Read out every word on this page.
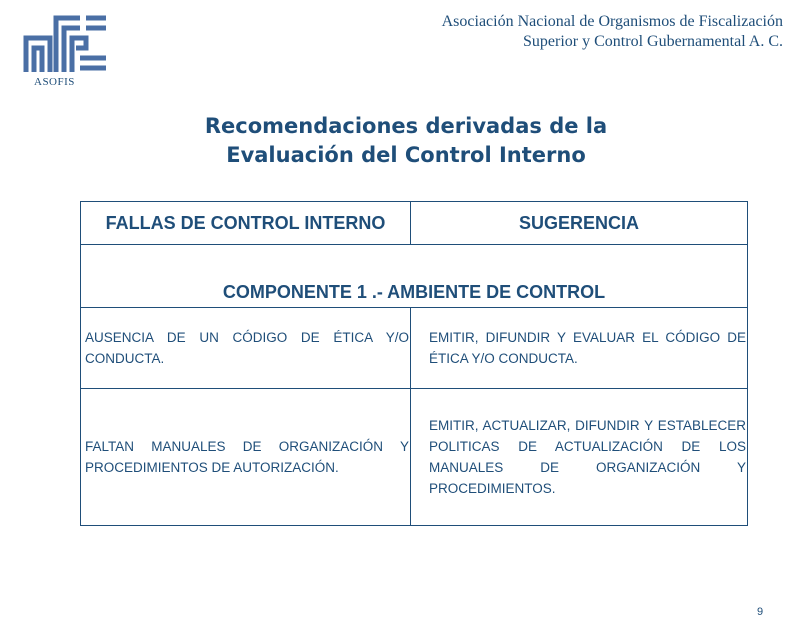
ASOFIS
Asociación Nacional de Organismos de Fiscalización
Superior y Control Gubernamental A. C.
Recomendaciones derivadas de la
Evaluación del Control Interno
FALLAS DE CONTROL INTERNO	SUGERENCIA
COMPONENTE 1 .- AMBIENTE DE CONTROL	
AUSENCIA DE UN CÓDIGO DE ÉTICA Y/O CONDUCTA.	EMITIR, DIFUNDIR Y EVALUAR EL CÓDIGO DE ÉTICA Y/O CONDUCTA.
FALTAN MANUALES DE ORGANIZACIÓN Y PROCEDIMIENTOS DE AUTORIZACIÓN.	EMITIR, ACTUALIZAR, DIFUNDIR Y ESTABLECER POLITICAS DE ACTUALIZACIÓN DE LOS MANUALES DE ORGANIZACIÓN Y PROCEDIMIENTOS.
9
